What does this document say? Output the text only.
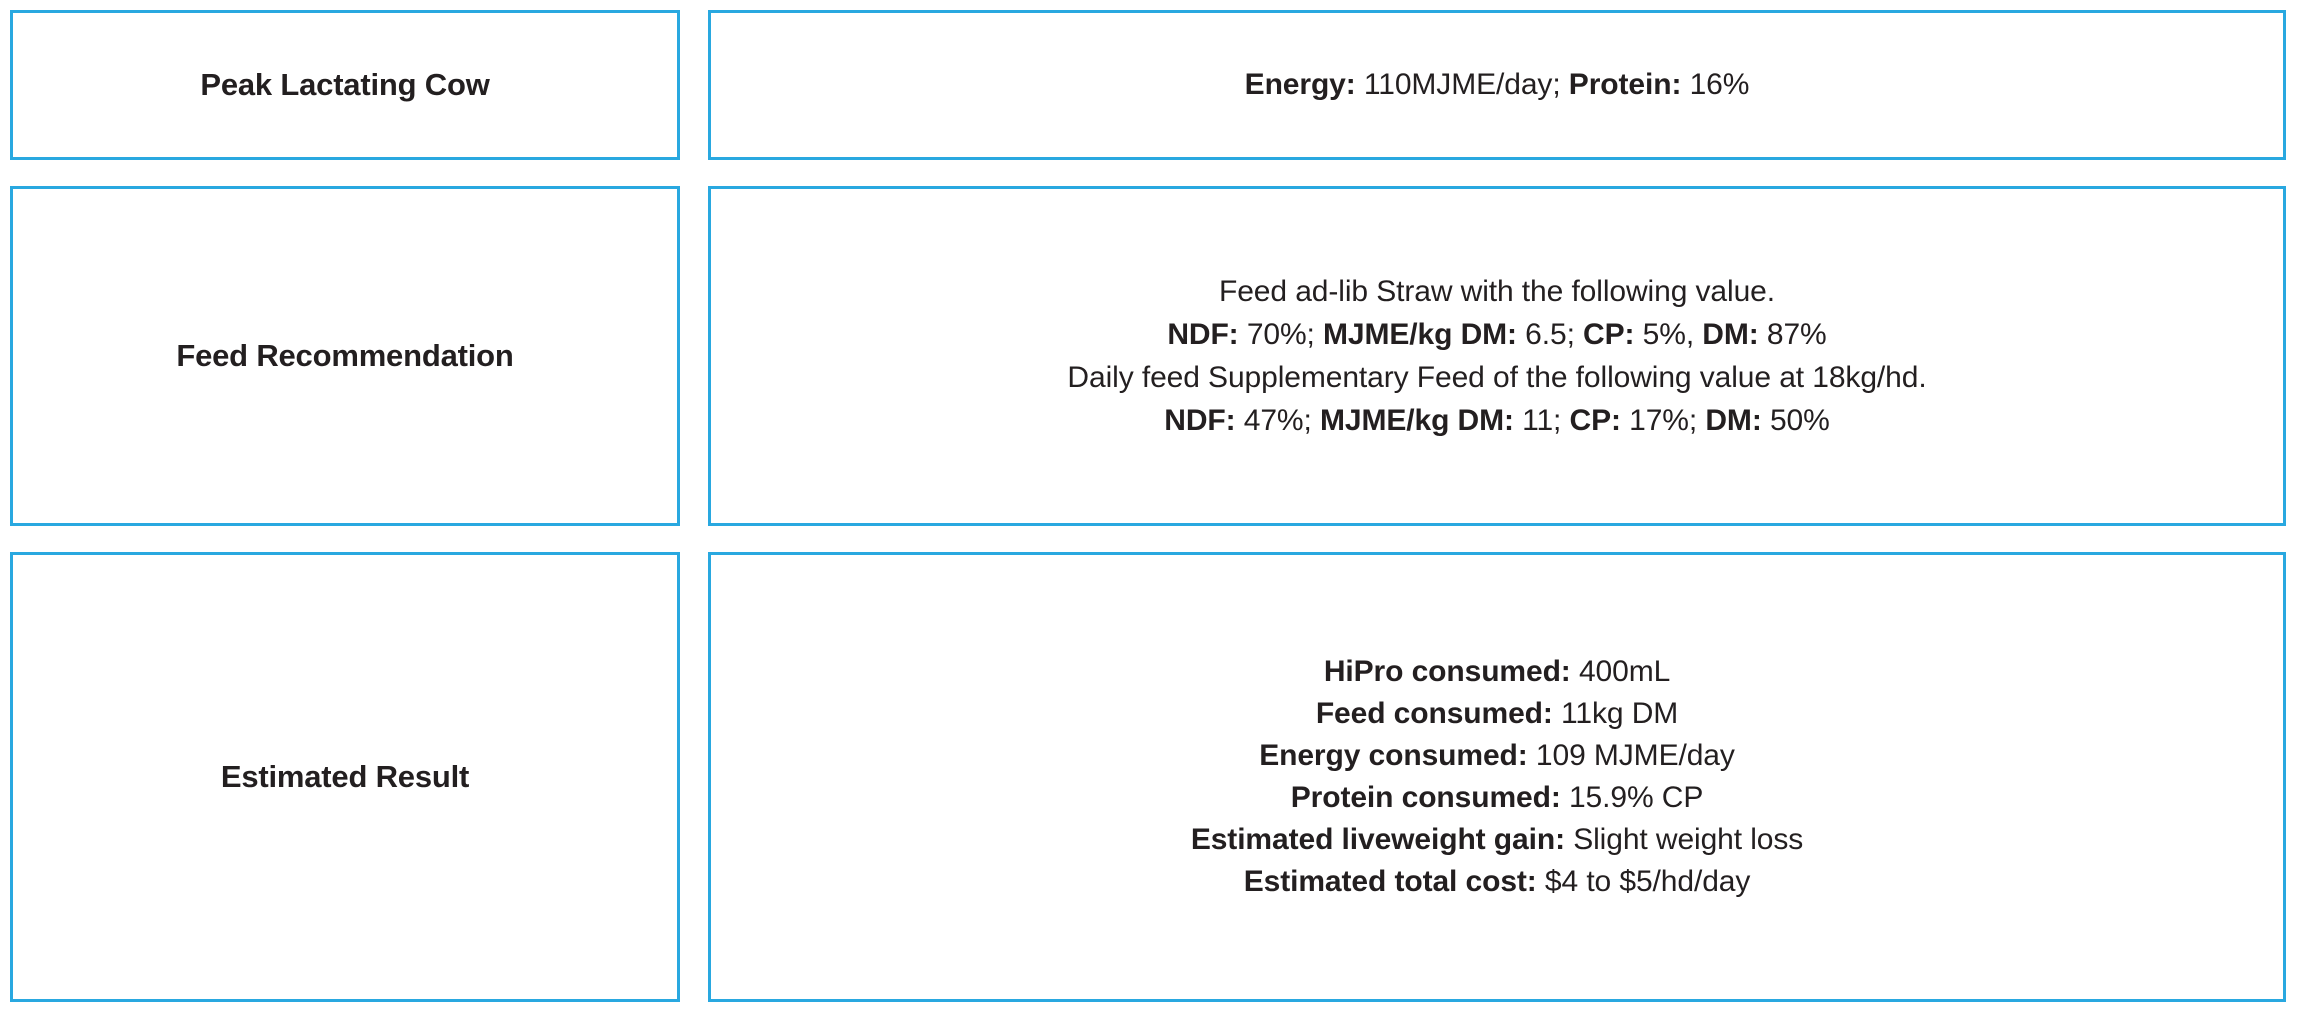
Peak Lactating Cow	Energy: 110MJME/day; Protein: 16%
Feed Recommendation
Feed ad-lib Straw with the following value.
NDF: 70%; MJME/kg DM: 6.5; CP: 5%, DM: 87%
Daily feed Supplementary Feed of the following value at 18kg/hd.
NDF: 47%; MJME/kg DM: 11; CP: 17%; DM: 50%
Estimated Result
HiPro consumed: 400mL
Feed consumed: 11kg DM
Energy consumed: 109 MJME/day
Protein consumed: 15.9% CP
Estimated liveweight gain: Slight weight loss
Estimated total cost: $4 to $5/hd/day
